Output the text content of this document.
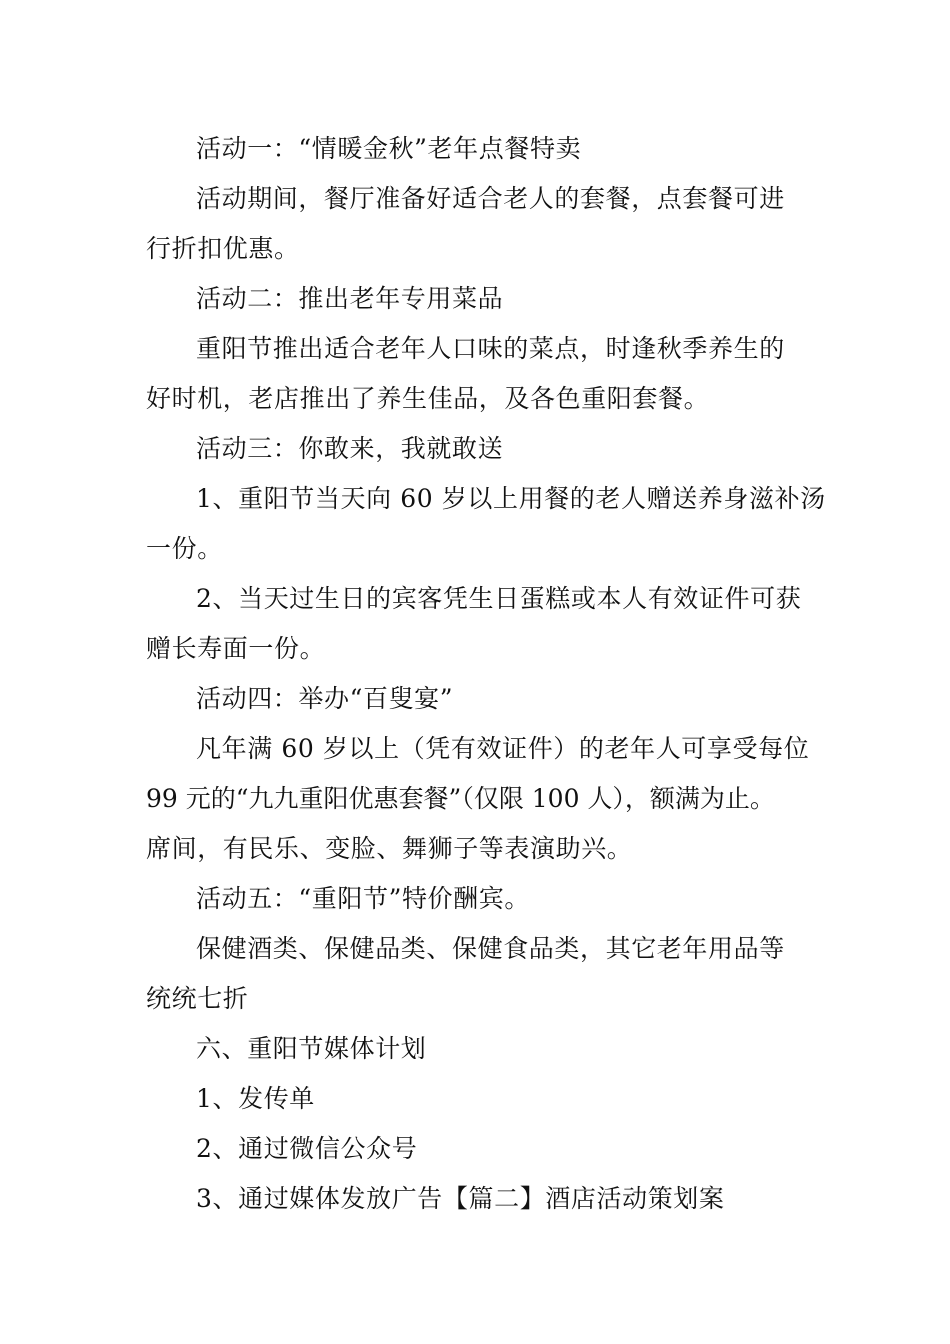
活动一：“情暖金秋”老年点餐特卖

活动期间，餐厅准备好适合老人的套餐，点套餐可进

行折扣优惠。

活动二：推出老年专用菜品

重阳节推出适合老年人口味的菜点，时逢秋季养生的

好时机，老店推出了养生佳品，及各色重阳套餐。

活动三：你敢来，我就敢送

1、重阳节当天向 60 岁以上用餐的老人赠送养身滋补汤

一份。

2、当天过生日的宾客凭生日蛋糕或本人有效证件可获

赠长寿面一份。

活动四：举办“百叟宴”

凡年满 60 岁以上（凭有效证件）的老年人可享受每位

99 元的“九九重阳优惠套餐”（仅限 100 人），额满为止。

席间，有民乐、变脸、舞狮子等表演助兴。

活动五：“重阳节”特价酬宾。

保健酒类、保健品类、保健食品类，其它老年用品等

统统七折

六、重阳节媒体计划

1、发传单

2、通过微信公众号

3、通过媒体发放广告【篇二】酒店活动策划案
